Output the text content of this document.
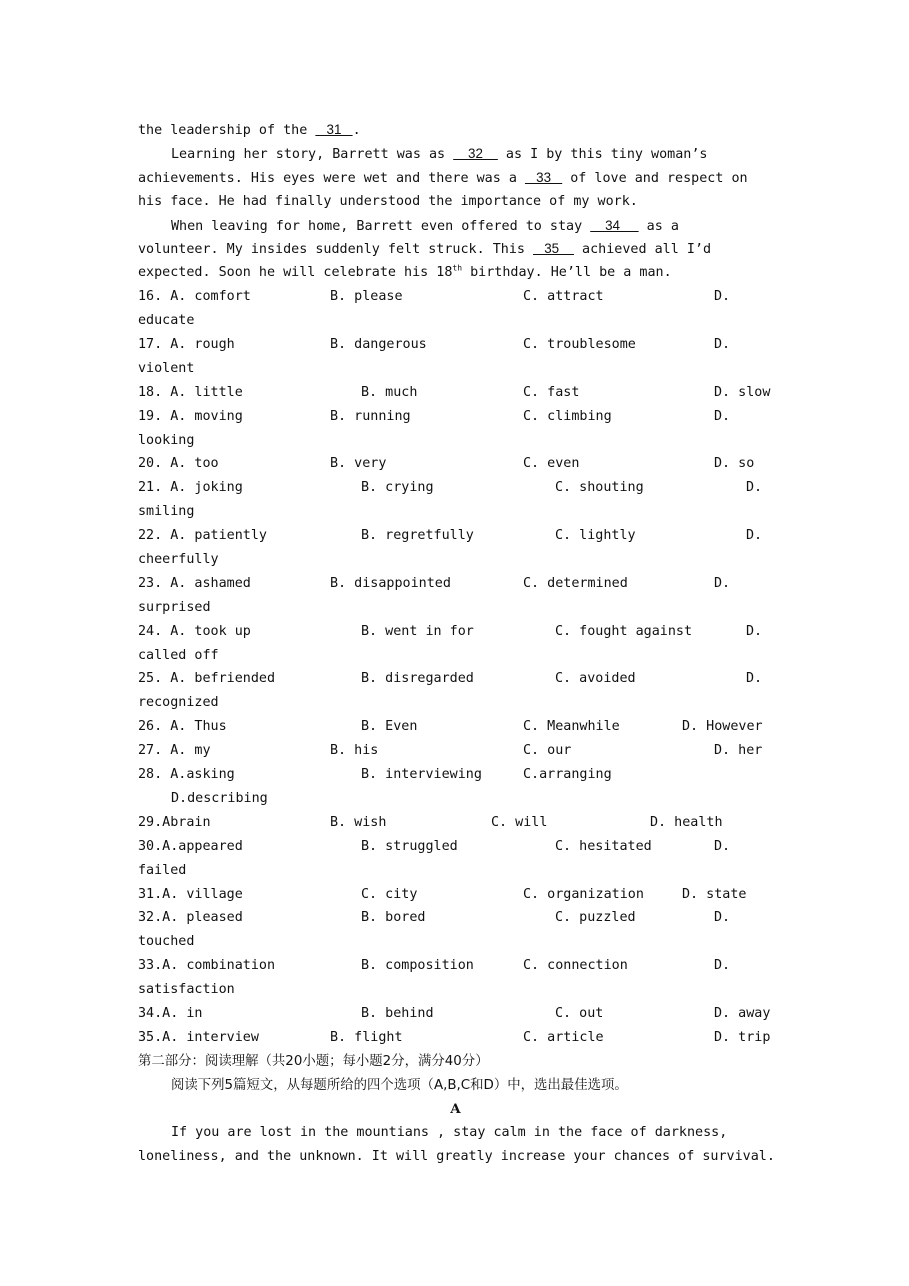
the leadership of the    31   .
Learning her story, Barrett was as     32     as I by this tiny woman’s
achievements. His eyes were wet and there was a    33    of love and respect on
his face. He had finally understood the importance of my work.
When leaving for home, Barrett even offered to stay     34      as a
volunteer. My insides suddenly felt struck. This    35     achieved all I’d
expected. Soon he will celebrate his 18th birthday. He’ll be a man.
16. A. comfort	B. please	C. attract	D.
educate
17. A. rough	B. dangerous	C. troublesome	D.
violent
18. A. little	B. much	C. fast	D. slow
19. A. moving	B. running	C. climbing	D.
looking
20. A. too	B. very	C. even	D. so
21. A. joking	B. crying	C. shouting	D.
smiling
22. A. patiently	B. regretfully	C. lightly	D.
cheerfully
23. A. ashamed	B. disappointed	C. determined	D.
surprised
24. A. took up	B. went in for	C. fought against	D.
called off
25. A. befriended	B. disregarded	C. avoided	D.
recognized
26. A. Thus	B. Even	C. Meanwhile	D. However
27. A. my	B. his	C. our	D. her
28. A.asking	B. interviewing	C.arranging
D.describing
29.Abrain	B. wish	C. will	D. health
30.A.appeared	B. struggled	C. hesitated	D.
failed
31.A. village	C. city	C. organization	D. state
32.A. pleased	B. bored	C. puzzled	D.
touched
33.A. combination	B. composition	C. connection	D.
satisfaction
34.A. in	B. behind	C. out	D. away
35.A. interview	B. flight	C. article	D. trip
第二部分：阅读理解（共20小题；每小题2分，满分40分）
阅读下列5篇短文，从每题所给的四个选项（A,B,C和D）中，选出最佳选项。
A
If you are lost in the mountians , stay calm in the face of darkness,
loneliness, and the unknown. It will greatly increase your chances of survival.
